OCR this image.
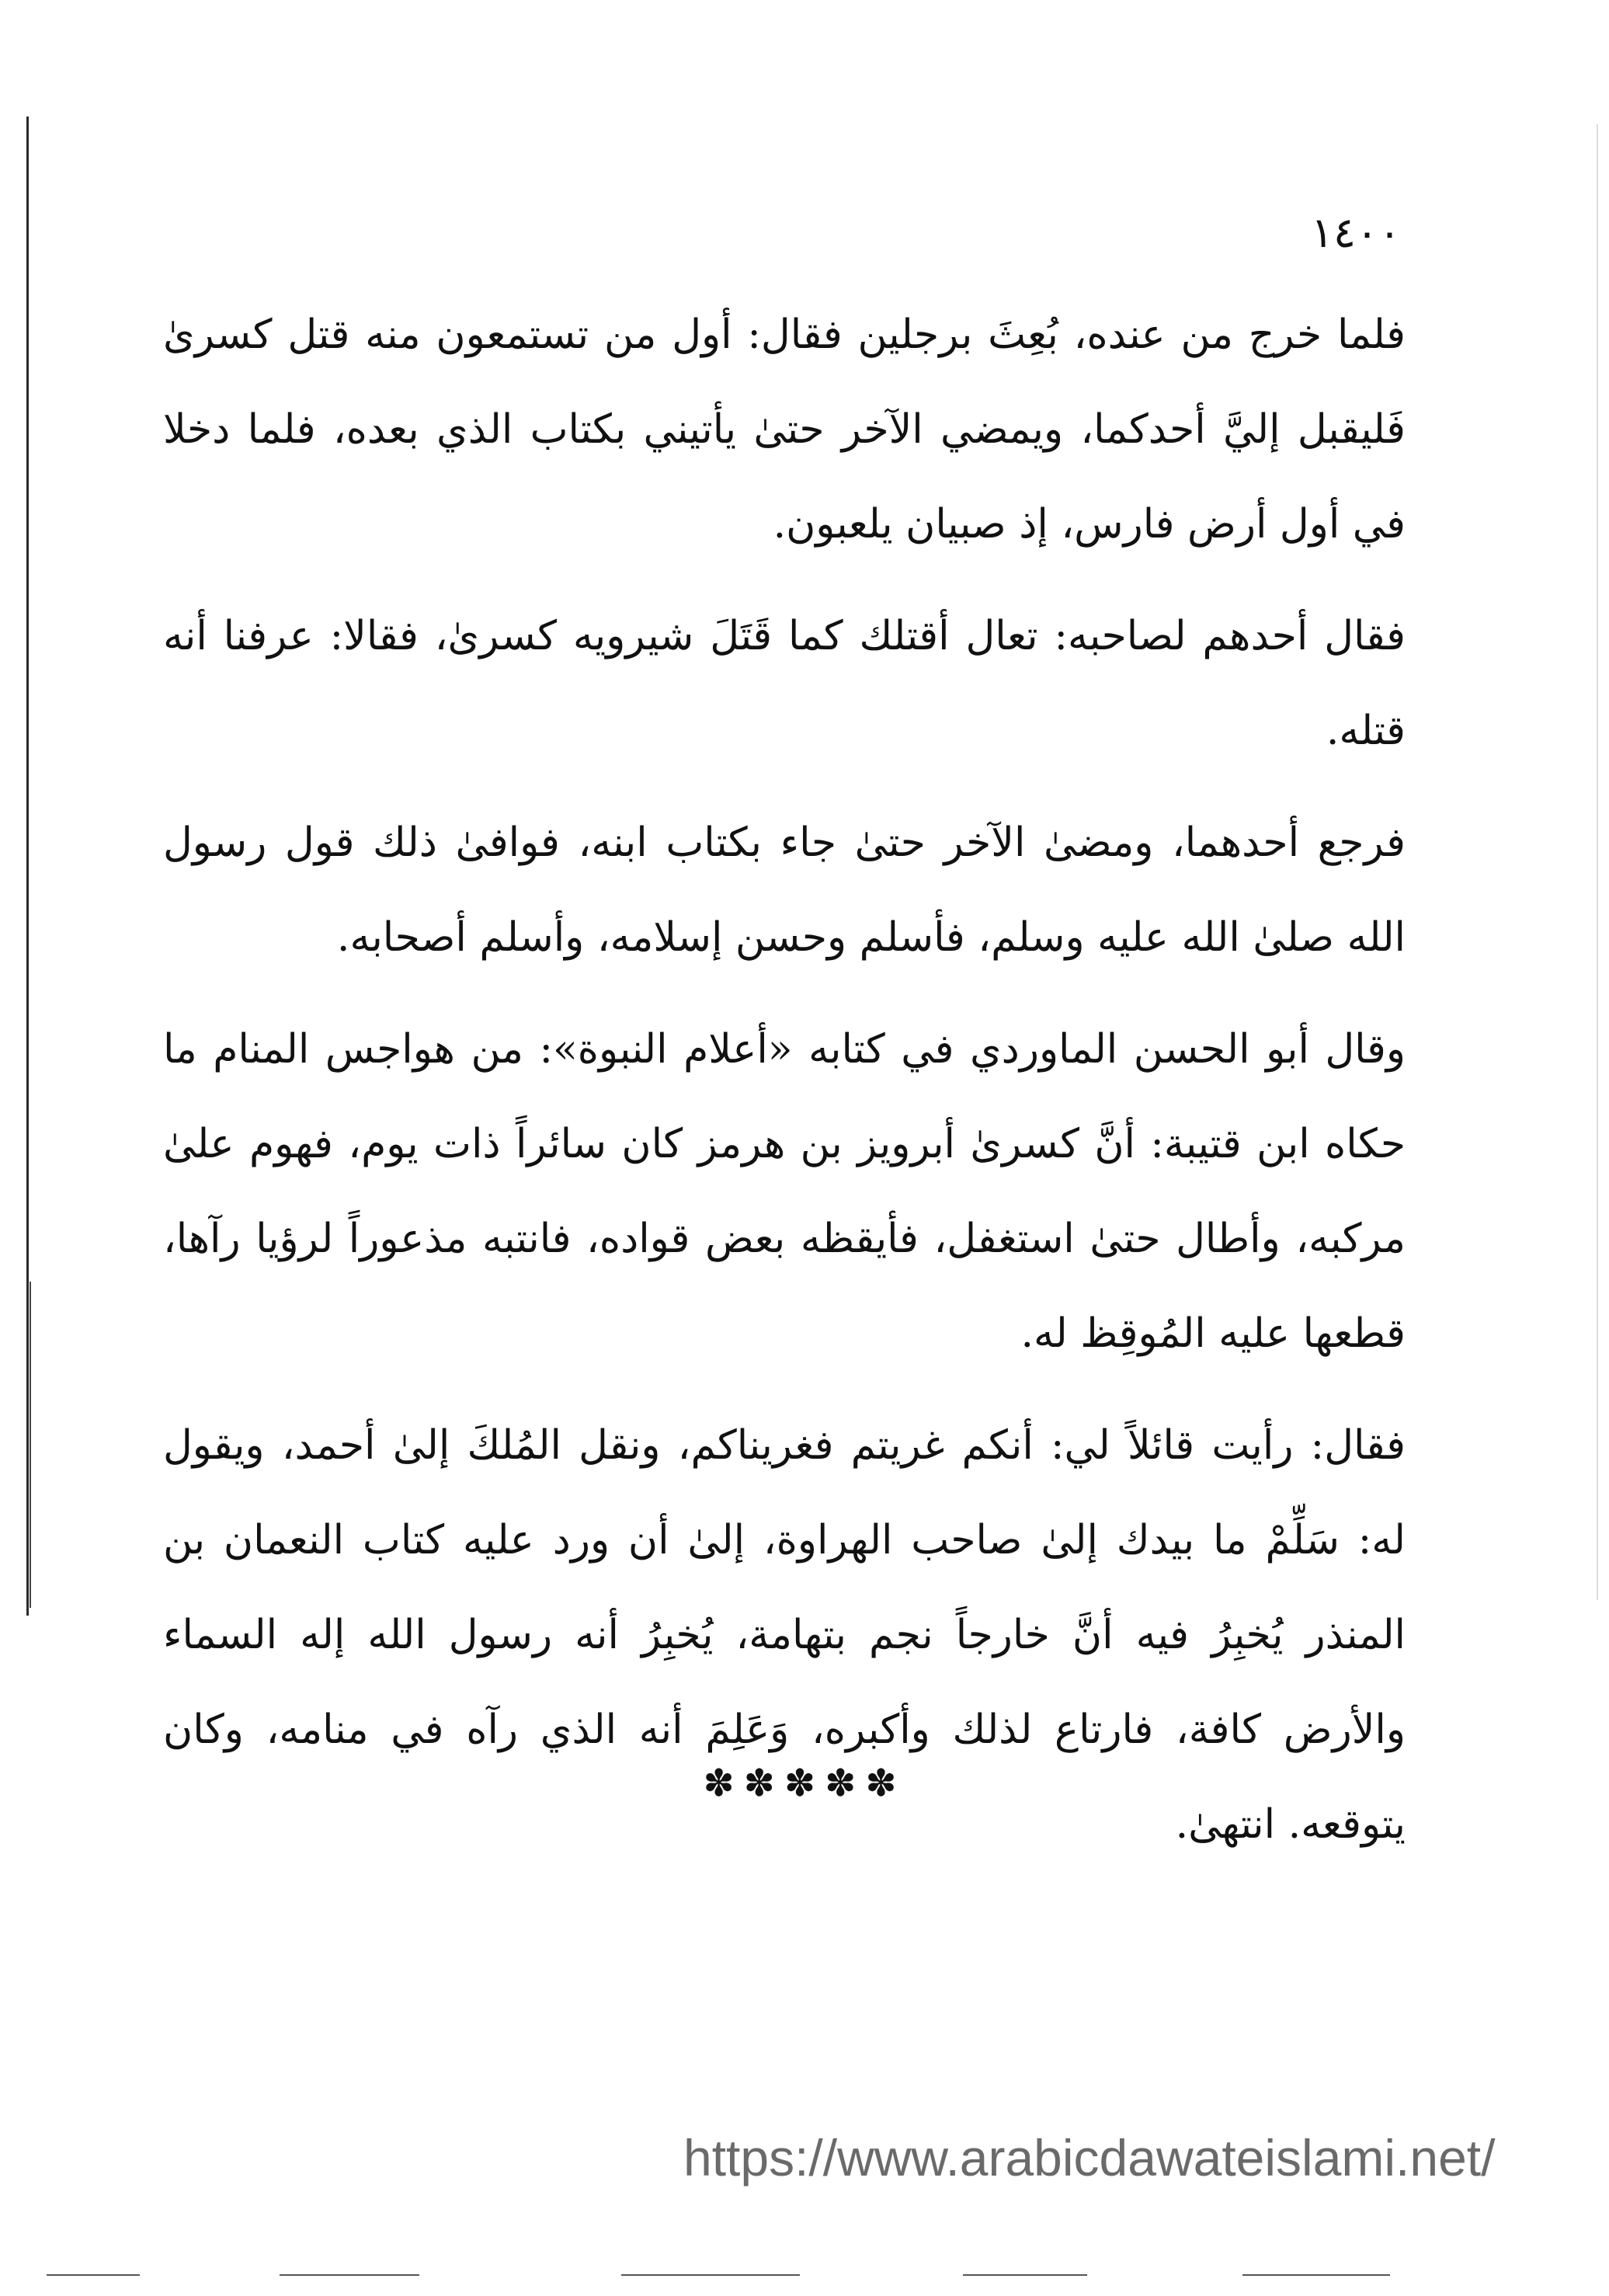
١٤٠٠

فلما خرج من عنده، بُعِثَ برجلين فقال: أول من تستمعون منه قتل كسرىٰ فَليقبل إليَّ أحدكما، ويمضي الآخر حتىٰ يأتيني بكتاب الذي بعده، فلما دخلا في أول أرض فارس، إذ صبيان يلعبون.

فقال أحدهم لصاحبه: تعال أقتلك كما قَتَلَ شيرويه كسرىٰ، فقالا: عرفنا أنه قتله.

فرجع أحدهما، ومضىٰ الآخر حتىٰ جاء بكتاب ابنه، فوافىٰ ذلك قول رسول الله صلىٰ الله عليه وسلم، فأسلم وحسن إسلامه، وأسلم أصحابه.

وقال أبو الحسن الماوردي في كتابه «أعلام النبوة»: من هواجس المنام ما حكاه ابن قتيبة: أنَّ كسرىٰ أبرويز بن هرمز كان سائراً ذات يوم، فهوم علىٰ مركبه، وأطال حتىٰ استغفل، فأيقظه بعض قواده، فانتبه مذعوراً لرؤيا رآها، قطعها عليه المُوقِظ له.

فقال: رأيت قائلاً لي: أنكم غريتم فغريناكم، ونقل المُلكَ إلىٰ أحمد، ويقول له: سَلِّمْ ما بيدك إلىٰ صاحب الهراوة، إلىٰ أن ورد عليه كتاب النعمان بن المنذر يُخبِرُ فيه أنَّ خارجاً نجم بتهامة، يُخبِرُ أنه رسول الله إله السماء والأرض كافة، فارتاع لذلك وأكبره، وَعَلِمَ أنه الذي رآه في منامه، وكان يتوقعه. انتهىٰ.

✽✽✽✽✽
https://www.arabicdawateislami.net/
